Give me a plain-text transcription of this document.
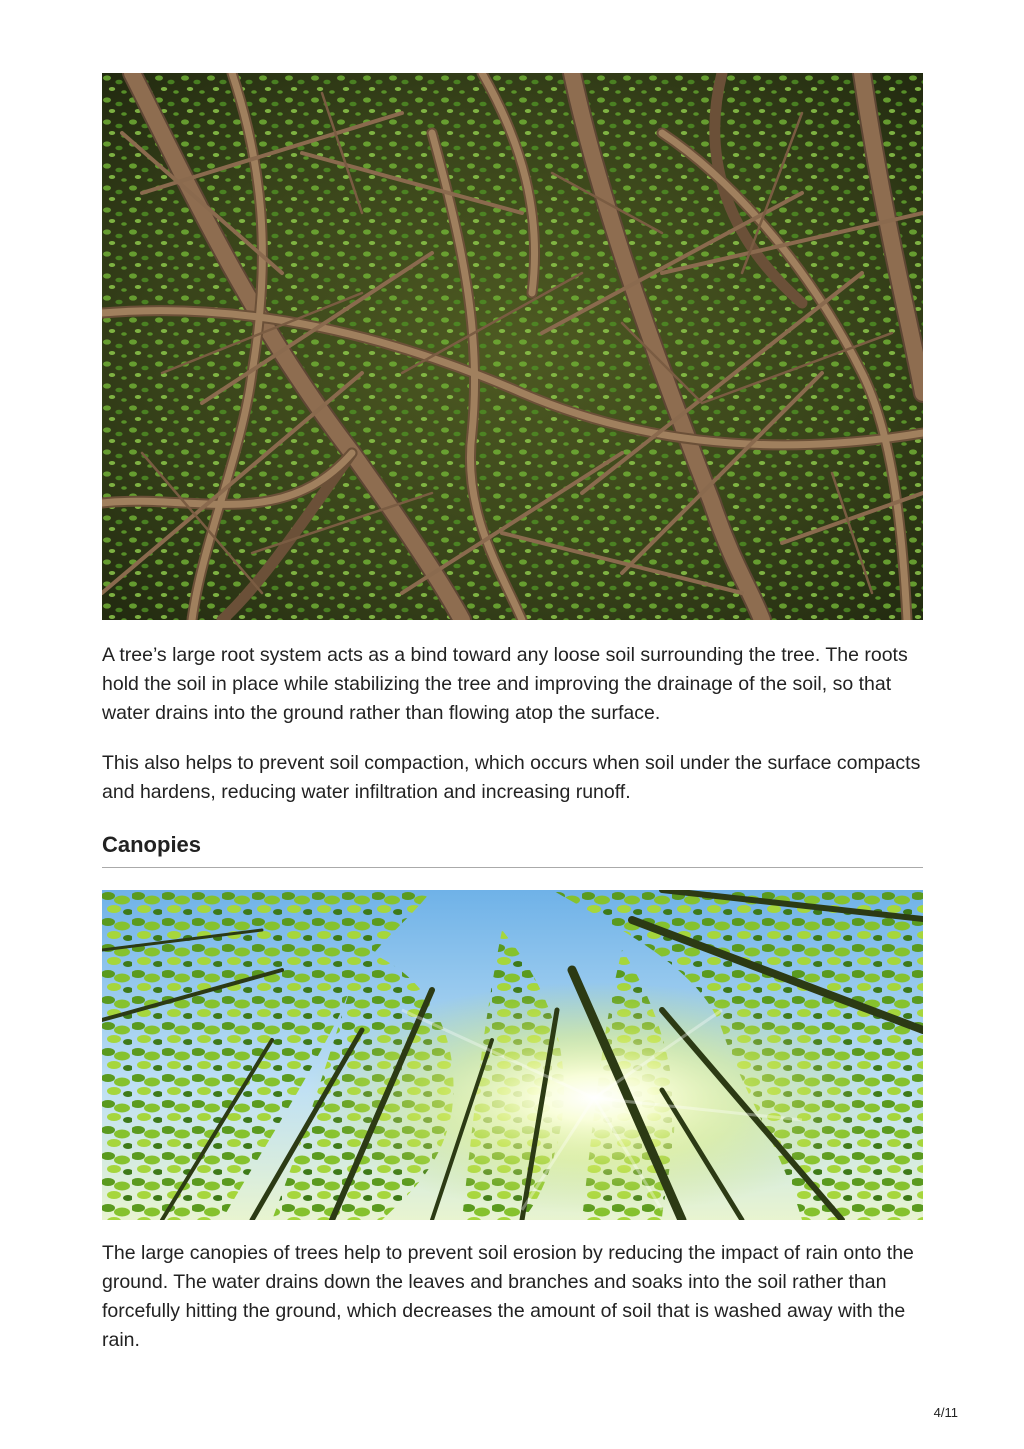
A tree’s large root system acts as a bind toward any loose soil surrounding the tree. The roots hold the soil in place while stabilizing the tree and improving the drainage of the soil, so that water drains into the ground rather than flowing atop the surface.

This also helps to prevent soil compaction, which occurs when soil under the surface compacts and hardens, reducing water infiltration and increasing runoff.

Canopies

The large canopies of trees help to prevent soil erosion by reducing the impact of rain onto the ground. The water drains down the leaves and branches and soaks into the soil rather than forcefully hitting the ground, which decreases the amount of soil that is washed away with the rain.

4/11
